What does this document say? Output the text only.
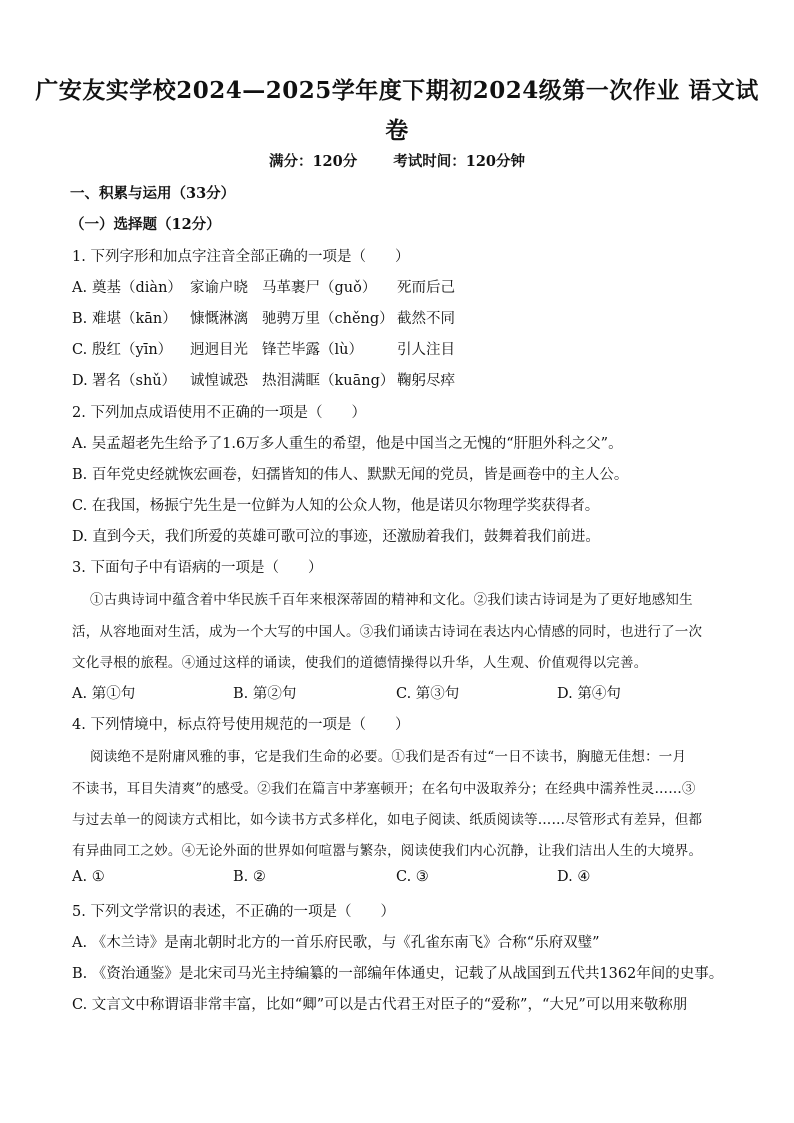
广安友实学校2024—2025学年度下期初2024级第一次作业 语文试
卷
满分：120分 考试时间：120分钟
一、积累与运用（33分）
（一）选择题（12分）
1. 下列字形和加点字注音全部正确的一项是（　　）
A. 奠基（diàn） 家谕户晓 马革裹尸（guǒ） 死而后己
B. 难堪（kān） 慷慨淋漓 驰骋万里（chěng） 截然不同
C. 殷红（yīn） 迥迥目光 锋芒毕露（lù） 引人注目
D. 署名（shǔ） 诚惶诚恐 热泪满眶（kuāng） 鞠躬尽瘁
2. 下列加点成语使用不正确的一项是（　　）
A. 吴孟超老先生给予了1.6万多人重生的希望，他是中国当之无愧的“肝胆外科之父”。
B. 百年党史经就恢宏画卷，妇孺皆知的伟人、默默无闻的党员，皆是画卷中的主人公。
C. 在我国，杨振宁先生是一位鲜为人知的公众人物，他是诺贝尔物理学奖获得者。
D. 直到今天，我们所爱的英雄可歌可泣的事迹，还激励着我们，鼓舞着我们前进。
3. 下面句子中有语病的一项是（　　）
①古典诗词中蕴含着中华民族千百年来根深蒂固的精神和文化。②我们读古诗词是为了更好地感知生
活，从容地面对生活，成为一个大写的中国人。③我们诵读古诗词在表达内心情感的同时，也进行了一次
文化寻根的旅程。④通过这样的诵读，使我们的道德情操得以升华，人生观、价值观得以完善。
A. 第①句	B. 第②句	C. 第③句	D. 第④句
4. 下列情境中，标点符号使用规范的一项是（　　）
阅读绝不是附庸风雅的事，它是我们生命的必要。①我们是否有过“一日不读书，胸臆无佳想：一月
不读书，耳目失清爽”的感受。②我们在篇言中茅塞顿开；在名句中汲取养分；在经典中濡养性灵……③
与过去单一的阅读方式相比，如今读书方式多样化，如电子阅读、纸质阅读等……尽管形式有差异，但都
有异曲同工之妙。④无论外面的世界如何喧嚣与繁杂，阅读使我们内心沉静，让我们洁出人生的大境界。
A. ①	B. ②	C. ③	D. ④
5. 下列文学常识的表述，不正确的一项是（　　）
A. 《木兰诗》是南北朝时北方的一首乐府民歌，与《孔雀东南飞》合称“乐府双璧”
B. 《资治通鉴》是北宋司马光主持编纂的一部编年体通史，记载了从战国到五代共1362年间的史事。
C. 文言文中称谓语非常丰富，比如“卿”可以是古代君王对臣子的“爱称”，“大兄”可以用来敬称朋
